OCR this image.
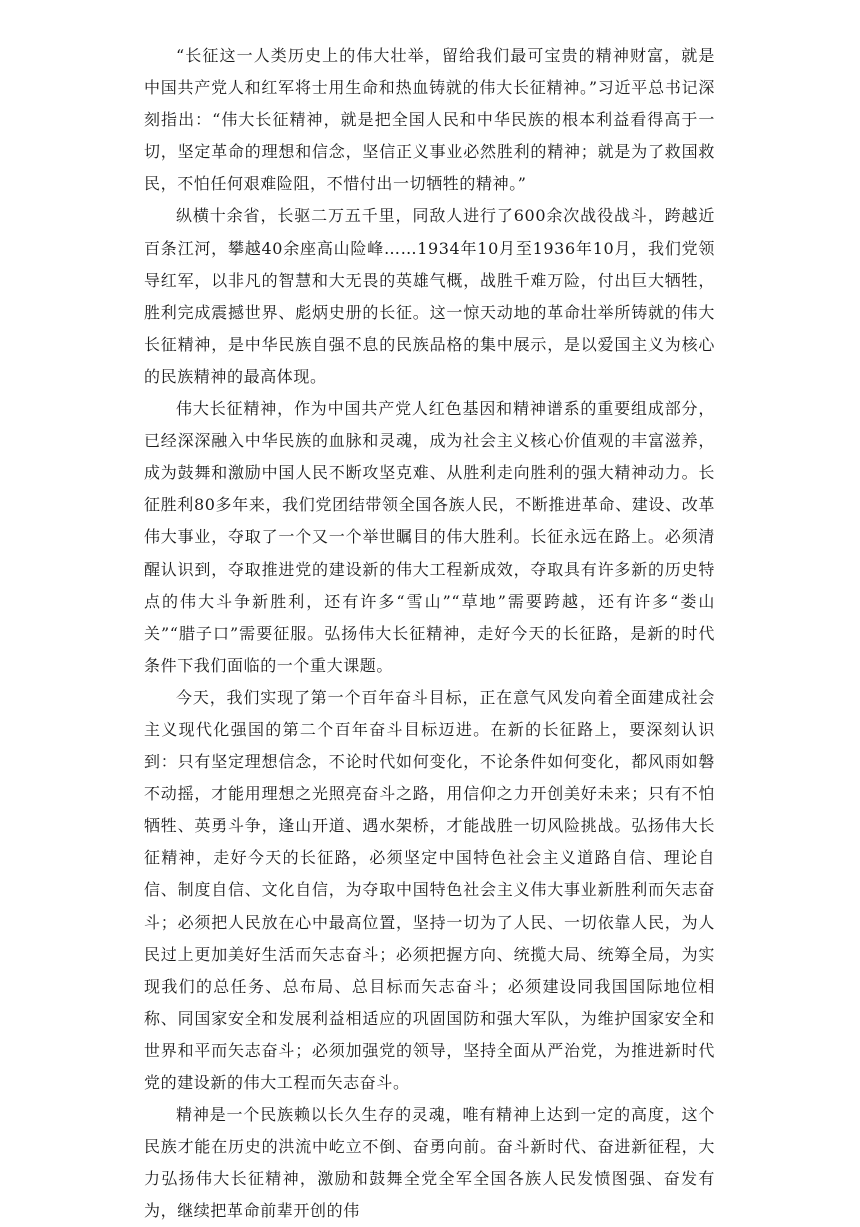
“长征这一人类历史上的伟大壮举，留给我们最可宝贵的精神财富，就是中国共产党人和红军将士用生命和热血铸就的伟大长征精神。”习近平总书记深刻指出：“伟大长征精神，就是把全国人民和中华民族的根本利益看得高于一切，坚定革命的理想和信念，坚信正义事业必然胜利的精神；就是为了救国救民，不怕任何艰难险阻，不惜付出一切牺牲的精神。”

纵横十余省，长驱二万五千里，同敌人进行了600余次战役战斗，跨越近百条江河，攀越40余座高山险峰……1934年10月至1936年10月，我们党领导红军，以非凡的智慧和大无畏的英雄气概，战胜千难万险，付出巨大牺牲，胜利完成震撼世界、彪炳史册的长征。这一惊天动地的革命壮举所铸就的伟大长征精神，是中华民族自强不息的民族品格的集中展示，是以爱国主义为核心的民族精神的最高体现。

伟大长征精神，作为中国共产党人红色基因和精神谱系的重要组成部分，已经深深融入中华民族的血脉和灵魂，成为社会主义核心价值观的丰富滋养，成为鼓舞和激励中国人民不断攻坚克难、从胜利走向胜利的强大精神动力。长征胜利80多年来，我们党团结带领全国各族人民，不断推进革命、建设、改革伟大事业，夺取了一个又一个举世瞩目的伟大胜利。长征永远在路上。必须清醒认识到，夺取推进党的建设新的伟大工程新成效，夺取具有许多新的历史特点的伟大斗争新胜利，还有许多“雪山”“草地”需要跨越，还有许多“娄山关”“腊子口”需要征服。弘扬伟大长征精神，走好今天的长征路，是新的时代条件下我们面临的一个重大课题。

今天，我们实现了第一个百年奋斗目标，正在意气风发向着全面建成社会主义现代化强国的第二个百年奋斗目标迈进。在新的长征路上，要深刻认识到：只有坚定理想信念，不论时代如何变化，不论条件如何变化，都风雨如磐不动摇，才能用理想之光照亮奋斗之路，用信仰之力开创美好未来；只有不怕牺牲、英勇斗争，逢山开道、遇水架桥，才能战胜一切风险挑战。弘扬伟大长征精神，走好今天的长征路，必须坚定中国特色社会主义道路自信、理论自信、制度自信、文化自信，为夺取中国特色社会主义伟大事业新胜利而矢志奋斗；必须把人民放在心中最高位置，坚持一切为了人民、一切依靠人民，为人民过上更加美好生活而矢志奋斗；必须把握方向、统揽大局、统筹全局，为实现我们的总任务、总布局、总目标而矢志奋斗；必须建设同我国国际地位相称、同国家安全和发展利益相适应的巩固国防和强大军队，为维护国家安全和世界和平而矢志奋斗；必须加强党的领导，坚持全面从严治党，为推进新时代党的建设新的伟大工程而矢志奋斗。

精神是一个民族赖以长久生存的灵魂，唯有精神上达到一定的高度，这个民族才能在历史的洪流中屹立不倒、奋勇向前。奋斗新时代、奋进新征程，大力弘扬伟大长征精神，激励和鼓舞全党全军全国各族人民发愤图强、奋发有为，继续把革命前辈开创的伟
